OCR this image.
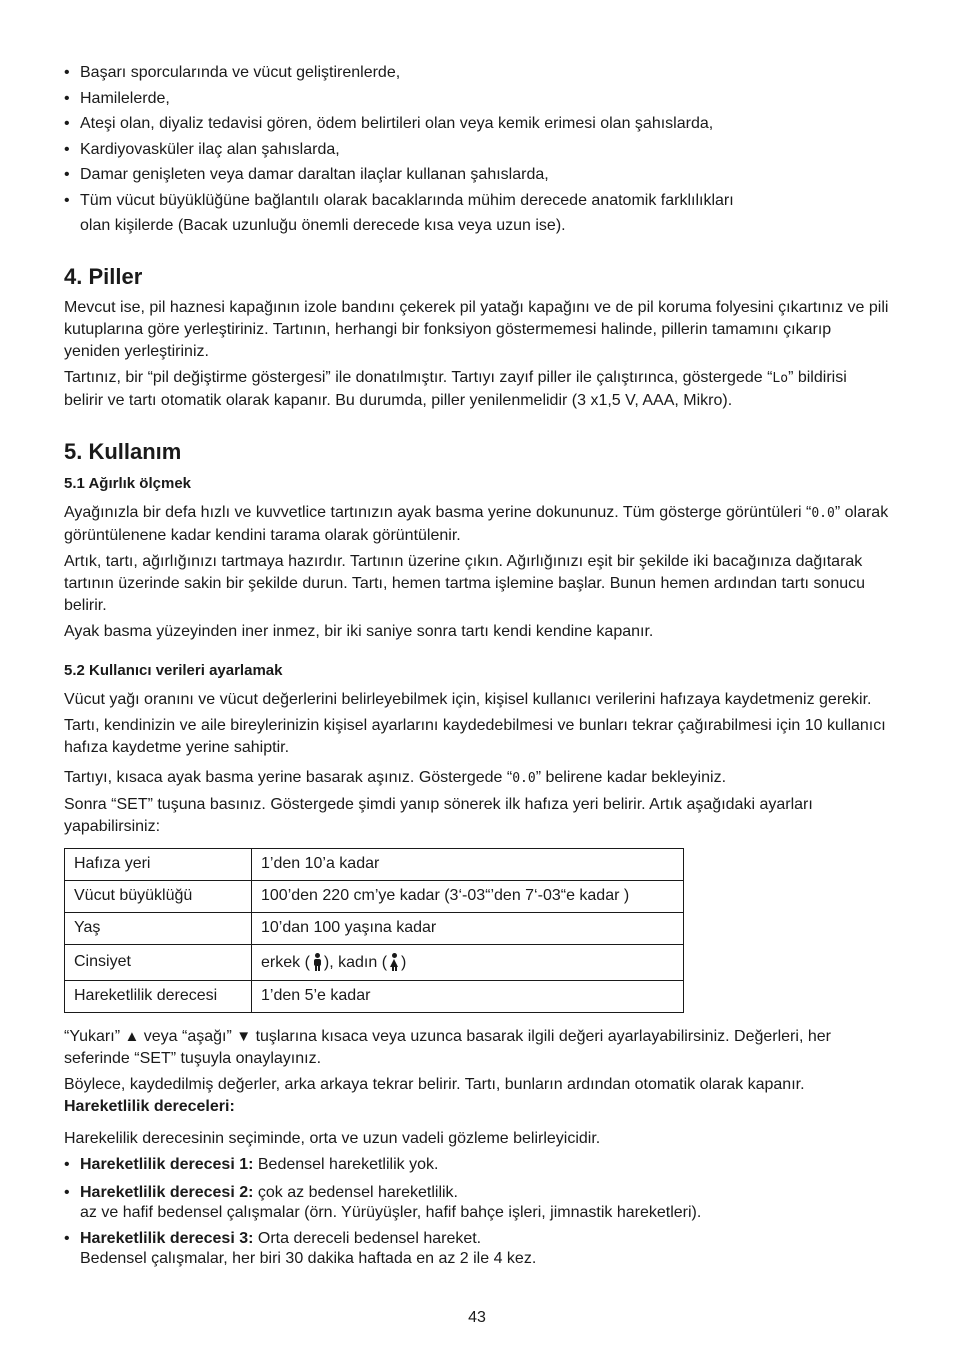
• Başarı sporcularında ve vücut geliştirenlerde,
• Hamilelerde,
• Ateşi olan, diyaliz tedavisi gören, ödem belirtileri olan veya kemik erimesi olan şahıslarda,
• Kardiyovasküler ilaç alan şahıslarda,
• Damar genişleten veya damar daraltan ilaçlar kullanan şahıslarda,
• Tüm vücut büyüklüğüne bağlantılı olarak bacaklarında mühim derecede anatomik farklılıkları
olan kişilerde (Bacak uzunluğu önemli derecede kısa veya uzun ise).
4. Piller

Mevcut ise, pil haznesi kapağının izole bandını çekerek pil yatağı kapağını ve de pil koruma folyesini çıkartınız ve pili kutuplarına göre yerleştiriniz. Tartının, herhangi bir fonksiyon göstermemesi halinde, pillerin tamamını çıkarıp yeniden yerleştiriniz.

Tartınız, bir “pil değiştirme göstergesi” ile donatılmıştır. Tartıyı zayıf piller ile çalıştırınca, göstergede “Lo” bildirisi belirir ve tartı otomatik olarak kapanır. Bu durumda, piller yenilenmelidir (3 x1,5 V, AAA, Mikro).

5. Kullanım
5.1 Ağırlık ölçmek

Ayağınızla bir defa hızlı ve kuvvetlice tartınızın ayak basma yerine dokununuz. Tüm gösterge görüntüleri “0.0” olarak görüntülenene kadar kendini tarama olarak görüntülenir.

Artık, tartı, ağırlığınızı tartmaya hazırdır. Tartının üzerine çıkın. Ağırlığınızı eşit bir şekilde iki bacağınıza dağıtarak tartının üzerinde sakin bir şekilde durun. Tartı, hemen tartma işlemine başlar. Bunun hemen ardından tartı sonucu belirir.

Ayak basma yüzeyinden iner inmez, bir iki saniye sonra tartı kendi kendine kapanır.

5.2 Kullanıcı verileri ayarlamak

Vücut yağı oranını ve vücut değerlerini belirleyebilmek için, kişisel kullanıcı verilerini hafızaya kaydetmeniz gerekir.

Tartı, kendinizin ve aile bireylerinizin kişisel ayarlarını kaydedebilmesi ve bunları tekrar çağırabilmesi için 10 kullanıcı hafıza kaydetme yerine sahiptir.

Tartıyı, kısaca ayak basma yerine basarak aşınız. Göstergede “0.0” belirene kadar bekleyiniz.

Sonra “SET” tuşuna basınız. Göstergede şimdi yanıp sönerek ilk hafıza yeri belirir. Artık aşağıdaki ayarları yapabilirsiniz:

Hafıza yeri	1’den 10’a kadar
Vücut büyüklüğü	100’den 220 cm’ye kadar (3‘-03“’den 7‘-03“e kadar )
Yaş	10’dan 100 yaşına kadar
Cinsiyet	erkek ( ), kadın ( )
Hareketlilik derecesi	1’den 5’e kadar

“Yukarı” ▲ veya “aşağı” ▼ tuşlarına kısaca veya uzunca basarak ilgili değeri ayarlayabilirsiniz. Değerleri, her seferinde “SET” tuşuyla onaylayınız.

Böylece, kaydedilmiş değerler, arka arkaya tekrar belirir. Tartı, bunların ardından otomatik olarak kapanır.

Hareketlilik dereceleri:

Harekelilik derecesinin seçiminde, orta ve uzun vadeli gözleme belirleyicidir.

• Hareketlilik derecesi 1: Bedensel hareketlilik yok.
• Hareketlilik derecesi 2: çok az bedensel hareketlilik.
az ve hafif bedensel çalışmalar (örn. Yürüyüşler, hafif bahçe işleri, jimnastik hareketleri).
• Hareketlilik derecesi 3: Orta dereceli bedensel hareket.
Bedensel çalışmalar, her biri 30 dakika haftada en az 2 ile 4 kez.
43
